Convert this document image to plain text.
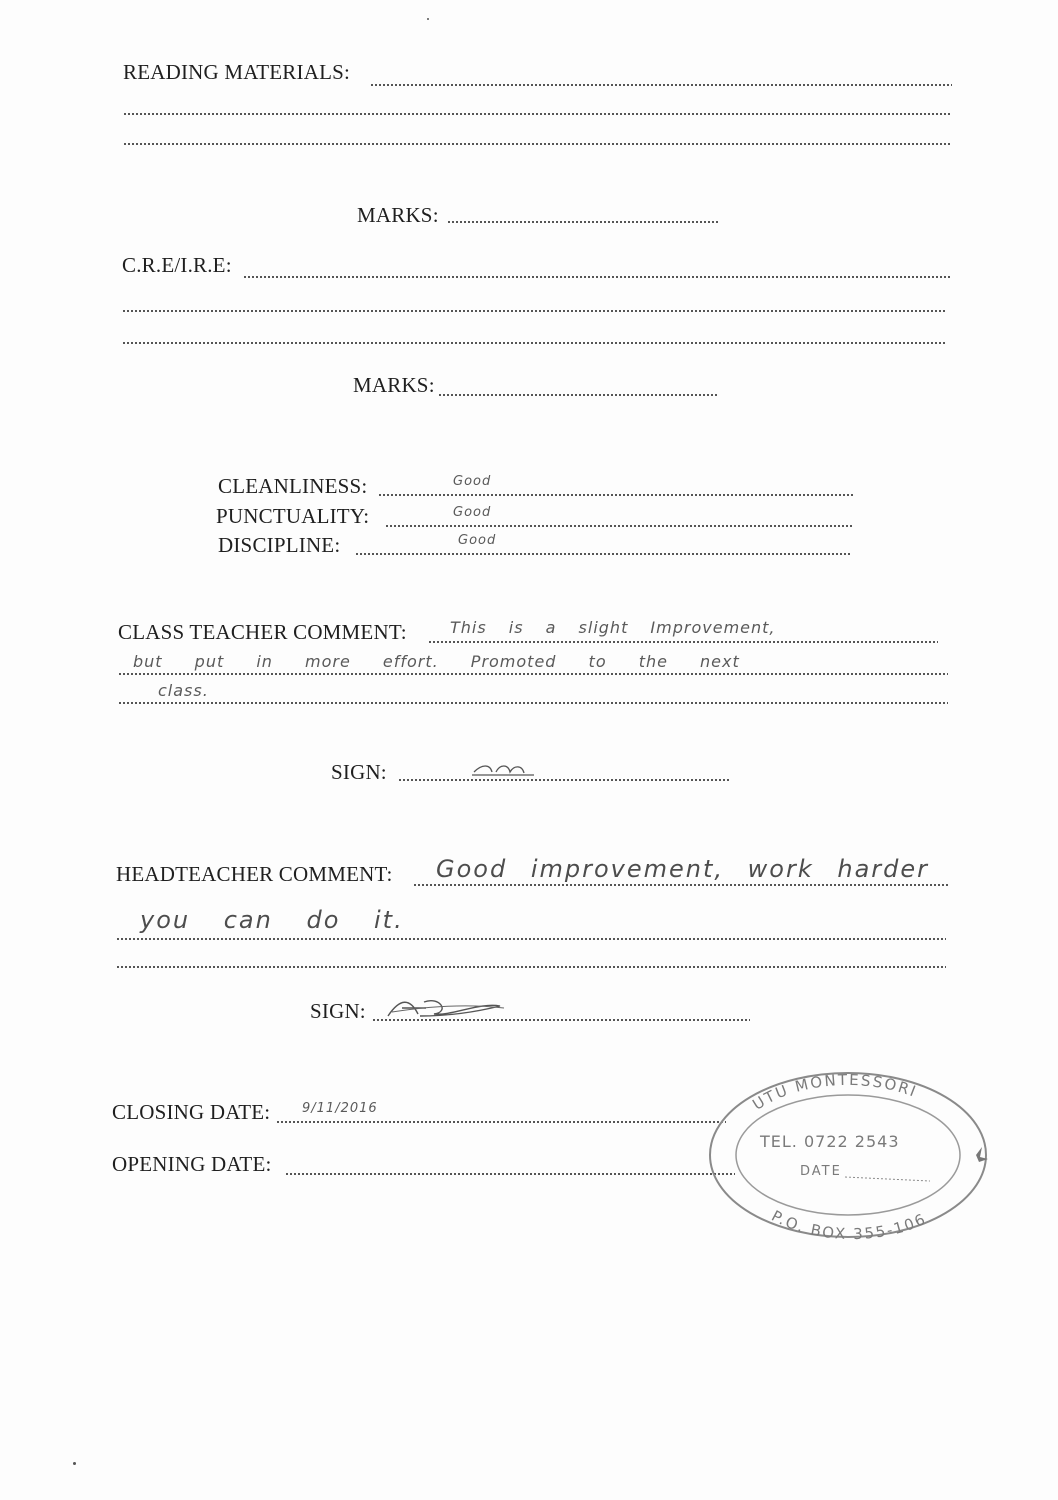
READING MATERIALS:
MARKS:
C.R.E/I.R.E:
MARKS:
CLEANLINESS:	Good
PUNCTUALITY:	Good
DISCIPLINE:	Good
CLASS TEACHER COMMENT:	This is a slight Improvement,
but put in more effort. Promoted to the next
class.
SIGN:
HEADTEACHER COMMENT: Good improvement, work harder
you can do it.
SIGN:
CLOSING DATE: 9/11/2016
OPENING DATE:
UTU MONTESSORI
TEL. 0722 2543
DATE
P.O. BOX 355-106
